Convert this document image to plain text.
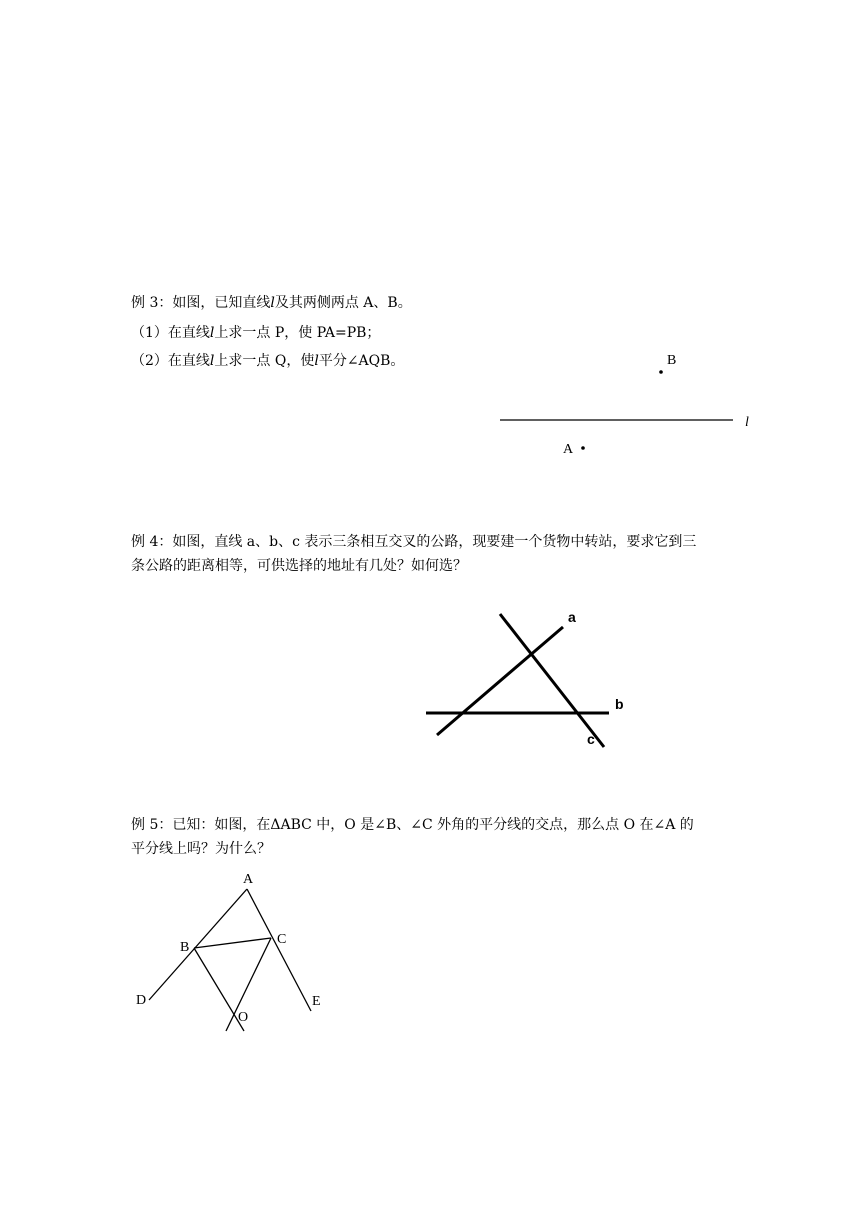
例 3：如图，已知直线l及其两侧两点 A、B。
（1）在直线l上求一点 P，使 PA=PB；
（2）在直线l上求一点 Q，使l平分∠AQB。
l
B
A
例 4：如图，直线 a、b、c 表示三条相互交叉的公路，现要建一个货物中转站，要求它到三
条公路的距离相等，可供选择的地址有几处？如何选？
a
b
c
例 5：已知：如图，在ΔABC 中，O 是∠B、∠C 外角的平分线的交点，那么点 O 在∠A 的
平分线上吗？为什么？
A
B
C
D	E
O
